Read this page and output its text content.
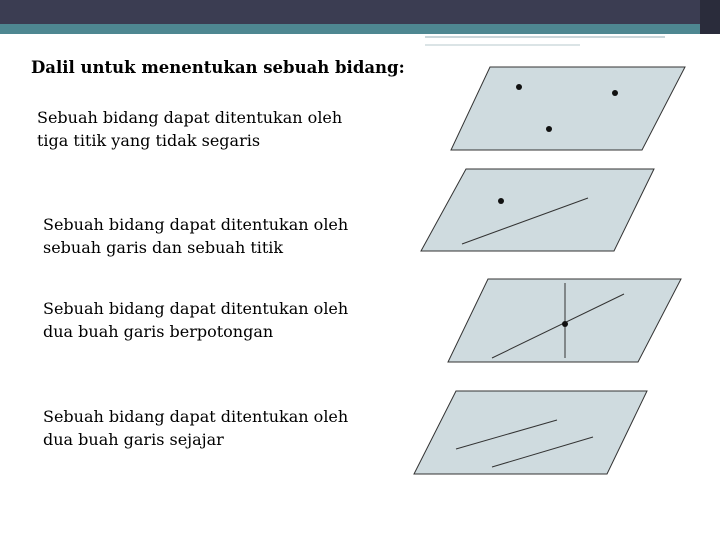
Dalil untuk menentukan sebuah bidang:
Sebuah bidang dapat ditentukan oleh tiga titik yang tidak segaris
Sebuah bidang dapat ditentukan oleh sebuah garis dan sebuah titik
Sebuah bidang dapat ditentukan oleh dua buah garis berpotongan
Sebuah bidang dapat ditentukan oleh dua buah garis sejajar
